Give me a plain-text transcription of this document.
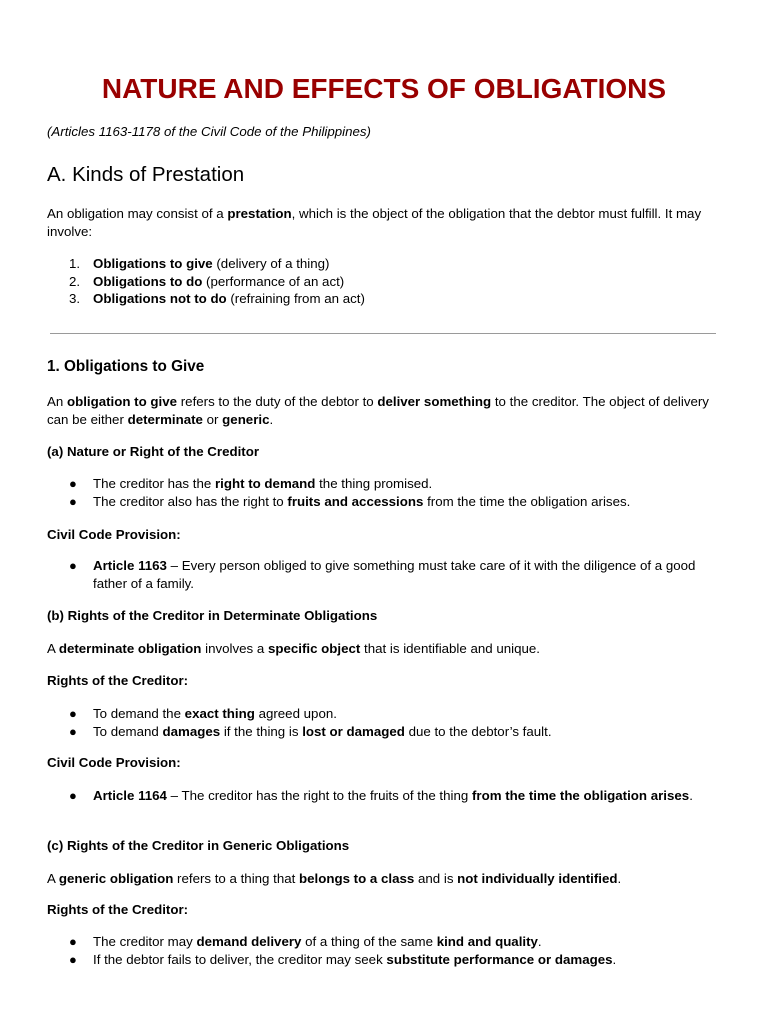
NATURE AND EFFECTS OF OBLIGATIONS

(Articles 1163-1178 of the Civil Code of the Philippines)

A. Kinds of Prestation

An obligation may consist of a prestation, which is the object of the obligation that the debtor must fulfill. It may involve:

1. Obligations to give (delivery of a thing)
2. Obligations to do (performance of an act)
3. Obligations not to do (refraining from an act)
1. Obligations to Give

An obligation to give refers to the duty of the debtor to deliver something to the creditor. The object of delivery can be either determinate or generic.

(a) Nature or Right of the Creditor

● The creditor has the right to demand the thing promised.
● The creditor also has the right to fruits and accessions from the time the obligation arises.

Civil Code Provision:

● Article 1163 – Every person obliged to give something must take care of it with the diligence of a good father of a family.

(b) Rights of the Creditor in Determinate Obligations

A determinate obligation involves a specific object that is identifiable and unique.

Rights of the Creditor:

● To demand the exact thing agreed upon.
● To demand damages if the thing is lost or damaged due to the debtor’s fault.

Civil Code Provision:

● Article 1164 – The creditor has the right to the fruits of the thing from the time the obligation arises.

(c) Rights of the Creditor in Generic Obligations

A generic obligation refers to a thing that belongs to a class and is not individually identified.

Rights of the Creditor:

● The creditor may demand delivery of a thing of the same kind and quality.
● If the debtor fails to deliver, the creditor may seek substitute performance or damages.
